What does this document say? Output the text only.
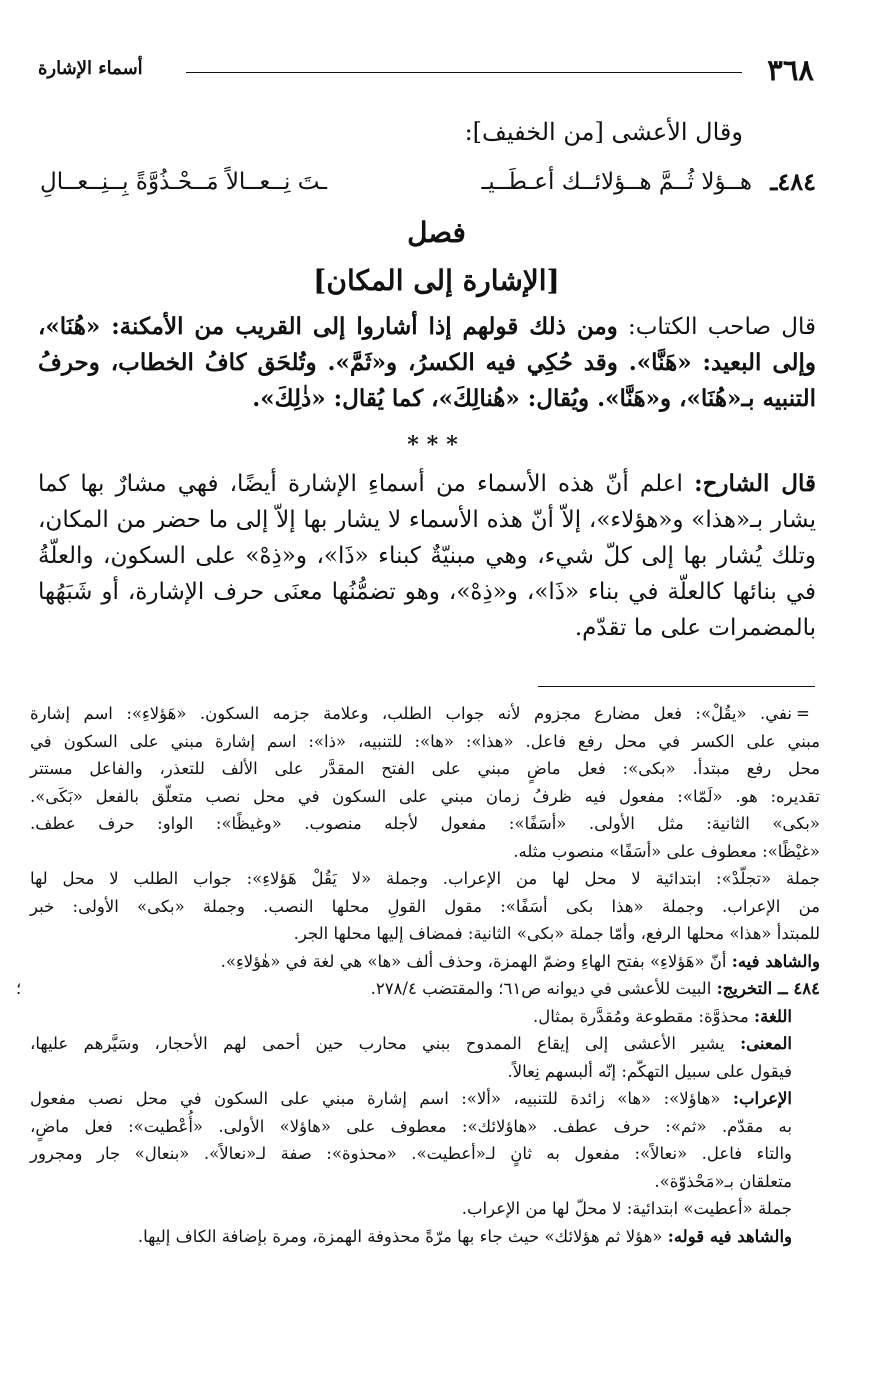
٣٦٨
أسماء الإشارة
وقال الأعشى [من الخفيف]:
٤٨٤ـ
هــؤلا ثُــمَّ هــؤلائــك أعـطَــيـ
ـتَ نِــعــالاً مَــحْـذُوَّةً بِــنِــعــالِ
فصل
[الإشارة إلى المكان]
قال صاحب الكتاب: ومن ذلك قولهم إذا أشاروا إلى القريب من الأمكنة: «هُنَا»، وإلى البعيد: «هَنَّا». وقد حُكِي فيه الكسرُ، و«ثَمَّ». وتُلحَق كافُ الخطاب، وحرفُ التنبيه بـ«هُنَا»، و«هَنَّا». ويُقال: «هُنالِكَ»، كما يُقال: «ذٰلِكَ».
***
قال الشارح: اعلم أنّ هذه الأسماء من أسماءِ الإشارة أيضًا، فهي مشارٌ بها كما يشار بـ«هذا» و«هؤلاء»، إلاّ أنّ هذه الأسماء لا يشار بها إلاّ إلى ما حضر من المكان، وتلك يُشار بها إلى كلّ شيء، وهي مبنيّةٌ كبناء «ذَا»، و«ذِهْ» على السكون، والعلّةُ في بنائها كالعلّة في بناء «ذَا»، و«ذِهْ»، وهو تضمُّنُها معنَى حرف الإشارة، أو شَبَهُها بالمضمرات على ما تقدّم.
=
نفي. «يقُلْ»: فعل مضارع مجزوم لأنه جواب الطلب، وعلامة جزمه السكون. «هَؤلاءِ»: اسم إشارة
مبني على الكسر في محل رفع فاعل. «هذا»: «ها»: للتنبيه، «ذا»: اسم إشارة مبني على السكون في
محل رفع مبتدأ. «بكى»: فعل ماضٍ مبني على الفتح المقدَّر على الألف للتعذر، والفاعل مستتر
تقديره: هو. «لَمّا»: مفعول فيه ظرفُ زمان مبني على السكون في محل نصب متعلّق بالفعل «بَكَى».
«بكى» الثانية: مثل الأولى. «أسَفًا»: مفعول لأجله منصوب. «وغيظًا»: الواو: حرف عطف.
«غيْظًا»: معطوف على «أسَفًا» منصوب مثله.
جملة «تجلّدْ»: ابتدائية لا محل لها من الإعراب. وجملة «لا يَقُلْ هَؤلاءِ»: جواب الطلب لا محل لها
من الإعراب. وجملة «هذا بكى أسَفًا»: مقول القولِ محلها النصب. وجملة «بكى» الأولى: خبر
للمبتدأ «هذا» محلها الرفع، وأمّا جملة «بكى» الثانية: فمضاف إليها محلها الجر.
والشاهد فيه: أنّ «هَؤلاءِ» بفتح الهاءِ وضمّ الهمزة، وحذف ألف «ها» هي لغة في «هٰؤلاءِ».
؛	٤٨٤ ــ التخريج: البيت للأعشى في ديوانه ص٦١؛ والمقتضب ٢٧٨/٤.
اللغة: محذوَّة: مقطوعة ومُقدَّرة بمثال.
المعنى: يشير الأعشى إلى إيقاع الممدوح ببني محارب حين أحمى لهم الأحجار، وسَيَّرهم عليها،
فيقول على سبيل التهكّم: إنّه ألبسهم نِعالاً.
الإعراب: «هاؤلا»: «ها» زائدة للتنبيه، «ألا»: اسم إشارة مبني على السكون في محل نصب مفعول
به مقدّم. «ثم»: حرف عطف. «هاؤلائك»: معطوف على «هاؤلا» الأولى. «أُعْطيت»: فعل ماضٍ،
والتاء فاعل. «نعالاً»: مفعول به ثانٍ لـ«أعطيت». «محذوة»: صفة لـ«نعالاً». «بنعال» جار ومجرور
متعلقان بـ«مَحْذوّة».
جملة «أعطيت» ابتدائية: لا محلّ لها من الإعراب.
والشاهد فيه قوله: «هؤلا ثم هؤلائك» حيث جاء بها مرّةً محذوفة الهمزة، ومرة بإضافة الكاف إليها.
